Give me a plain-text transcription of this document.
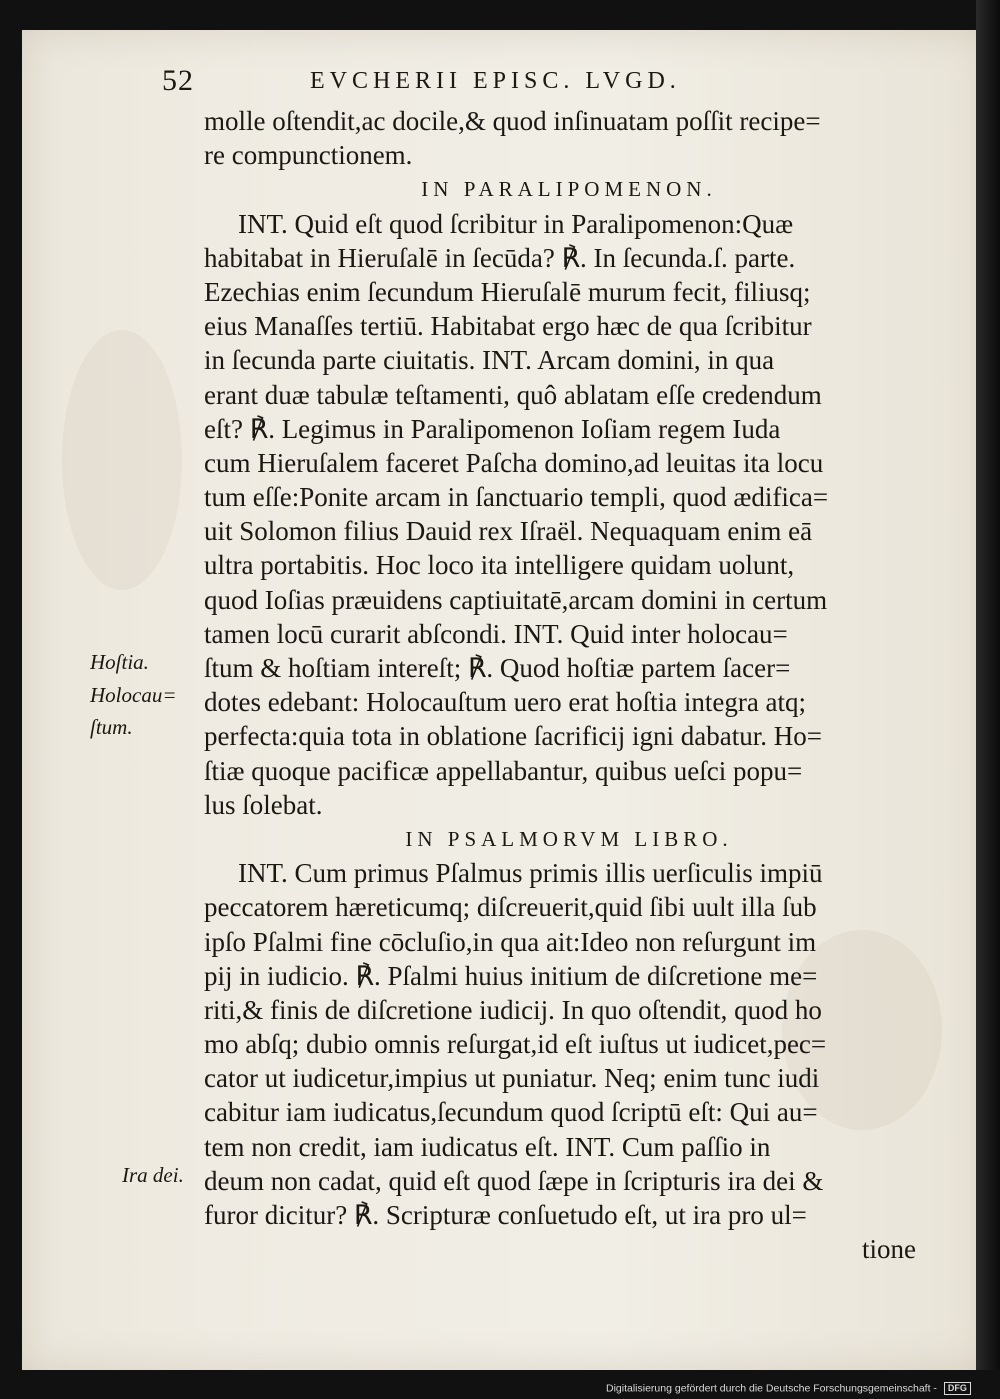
52	EVCHERII EPISC. LVGD.
molle oſtendit,ac docile,& quod inſinuatam poſſit recipe=
re compunctionem.
IN PARALIPOMENON.
INT. Quid eſt quod ſcribitur in Paralipomenon:Quæ
habitabat in Hieruſalē in ſecūda? ℟. In ſecunda.ſ. parte.
Ezechias enim ſecundum Hieruſalē murum fecit, filiusq;
eius Manaſſes tertiū. Habitabat ergo hæc de qua ſcribitur
in ſecunda parte ciuitatis. INT. Arcam domini, in qua
erant duæ tabulæ teſtamenti, quô ablatam eſſe credendum
eſt? ℟. Legimus in Paralipomenon Ioſiam regem Iuda
cum Hieruſalem faceret Paſcha domino,ad leuitas ita locu
tum eſſe:Ponite arcam in ſanctuario templi, quod ædifica=
uit Solomon filius Dauid rex Iſraël. Nequaquam enim eā
ultra portabitis. Hoc loco ita intelligere quidam uolunt,
quod Ioſias præuidens captiuitatē,arcam domini in certum
tamen locū curarit abſcondi. INT. Quid inter holocau=
ſtum & hoſtiam intereſt; ℟. Quod hoſtiæ partem ſacer=
dotes edebant: Holocauſtum uero erat hoſtia integra atq;
perfecta:quia tota in oblatione ſacrificij igni dabatur. Ho=
ſtiæ quoque pacificæ appellabantur, quibus ueſci popu=
lus ſolebat.
IN PSALMORVM LIBRO.
INT. Cum primus Pſalmus primis illis uerſiculis impiū
peccatorem hæreticumq; diſcreuerit,quid ſibi uult illa ſub
ipſo Pſalmi fine cōcluſio,in qua ait:Ideo non reſurgunt im
pij in iudicio. ℟. Pſalmi huius initium de diſcretione me=
riti,& finis de diſcretione iudicij. In quo oſtendit, quod ho
mo abſq; dubio omnis reſurgat,id eſt iuſtus ut iudicet,pec=
cator ut iudicetur,impius ut puniatur. Neq; enim tunc iudi
cabitur iam iudicatus,ſecundum quod ſcriptū eſt: Qui au=
tem non credit, iam iudicatus eſt. INT. Cum paſſio in
deum non cadat, quid eſt quod ſæpe in ſcripturis ira dei &
furor dicitur? ℟. Scripturæ conſuetudo eſt, ut ira pro ul=
tione
Hoſtia.
Holocau=
ſtum.
Ira dei.
Digitalisierung gefördert durch die Deutsche Forschungsgemeinschaft - DFG
